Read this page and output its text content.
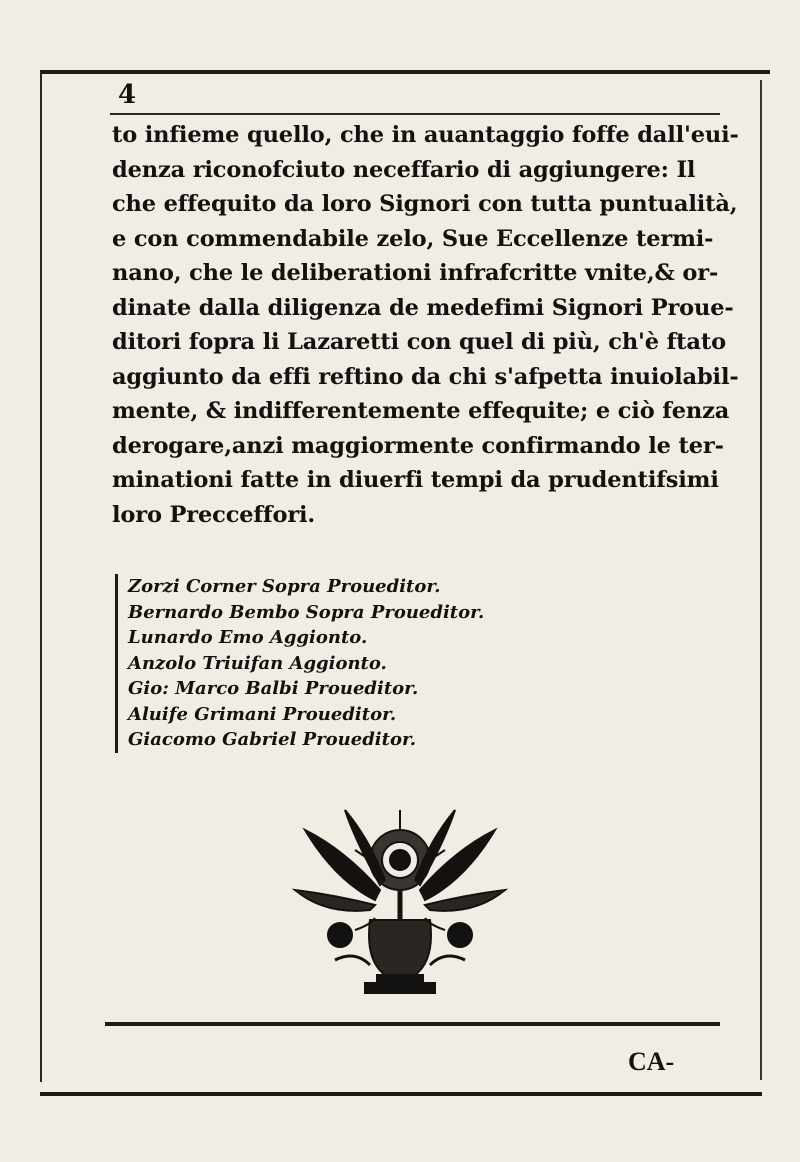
4
to infieme quello, che in auantaggio foffe dall'eui-
denza riconofciuto neceffario di aggiungere: Il
che effequito da loro Signori con tutta puntualità,
e con commendabile zelo, Sue Eccellenze termi-
nano, che le deliberationi infrafcritte vnite,& or-
dinate dalla diligenza de medefimi Signori Proue-
ditori fopra li Lazaretti con quel di più, ch'è ftato
aggiunto da effi reftino da chi s'afpetta inuiolabil-
mente, & indifferentemente effequite; e ciò fenza
derogare,anzi maggiormente confirmando le ter-
minationi fatte in diuerfi tempi da prudentifsimi
loro Precceffori.
Zorzi Corner Sopra Proueditor.
Bernardo Bembo Sopra Proueditor.
Lunardo Emo Aggionto.
Anzolo Triuifan Aggionto.
Gio: Marco Balbi Proueditor.
Aluife Grimani Proueditor.
Giacomo Gabriel Proueditor.
CA-
